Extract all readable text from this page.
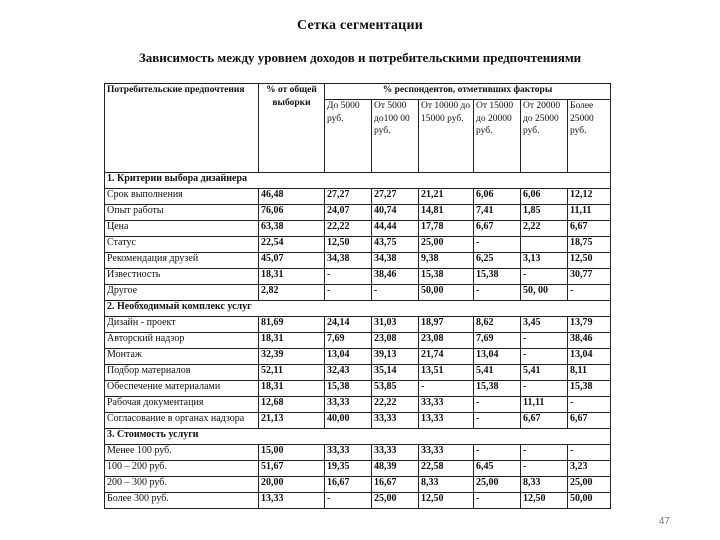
Сетка сегментации
Зависимость между уровнем доходов и потребительскими предпочтениями
Потребительские предпочтения	% от общей выборки	% респондентов, отметивших факторы					
		До 5000 руб.	От 5000 до100 00 руб.	От 10000 до 15000 руб.	От 15000 до 20000 руб.	От 20000 до 25000 руб.	Более 25000 руб.
1. Критерии выбора дизайнера							
Срок выполнения	46,48	27,27	27,27	21,21	6,06	6,06	12,12
Опыт работы	76,06	24,07	40,74	14,81	7,41	1,85	11,11
Цена	63,38	22,22	44,44	17,78	6,67	2,22	6,67
Статус	22,54	12,50	43,75	25,00	-		18,75
Рекомендация друзей	45,07	34,38	34,38	9,38	6,25	3,13	12,50
Известность	18,31	-	38,46	15,38	15,38	-	30,77
Другое	2,82	-	-	50,00	-	50, 00	-
2. Необходимый комплекс услуг							
Дизайн - проект	81,69	24,14	31,03	18,97	8,62	3,45	13,79
Авторский надзор	18,31	7,69	23,08	23,08	7,69	-	38,46
Монтаж	32,39	13,04	39,13	21,74	13,04	-	13,04
Подбор материалов	52,11	32,43	35,14	13,51	5,41	5,41	8,11
Обеспечение материалами	18,31	15,38	53,85	-	15,38	-	15,38
Рабочая документация	12,68	33,33	22,22	33,33	-	11,11	-
Согласование в органах надзора	21,13	40,00	33,33	13,33	-	6,67	6,67
3. Стоимость услуги							
Менее 100 руб.	15,00	33,33	33,33	33,33	-	-	-
100 – 200 руб.	51,67	19,35	48,39	22,58	6,45	-	3,23
200 – 300 руб.	20,00	16,67	16,67	8,33	25,00	8,33	25,00
Более 300 руб.	13,33	-	25,00	12,50	-	12,50	50,00
47
